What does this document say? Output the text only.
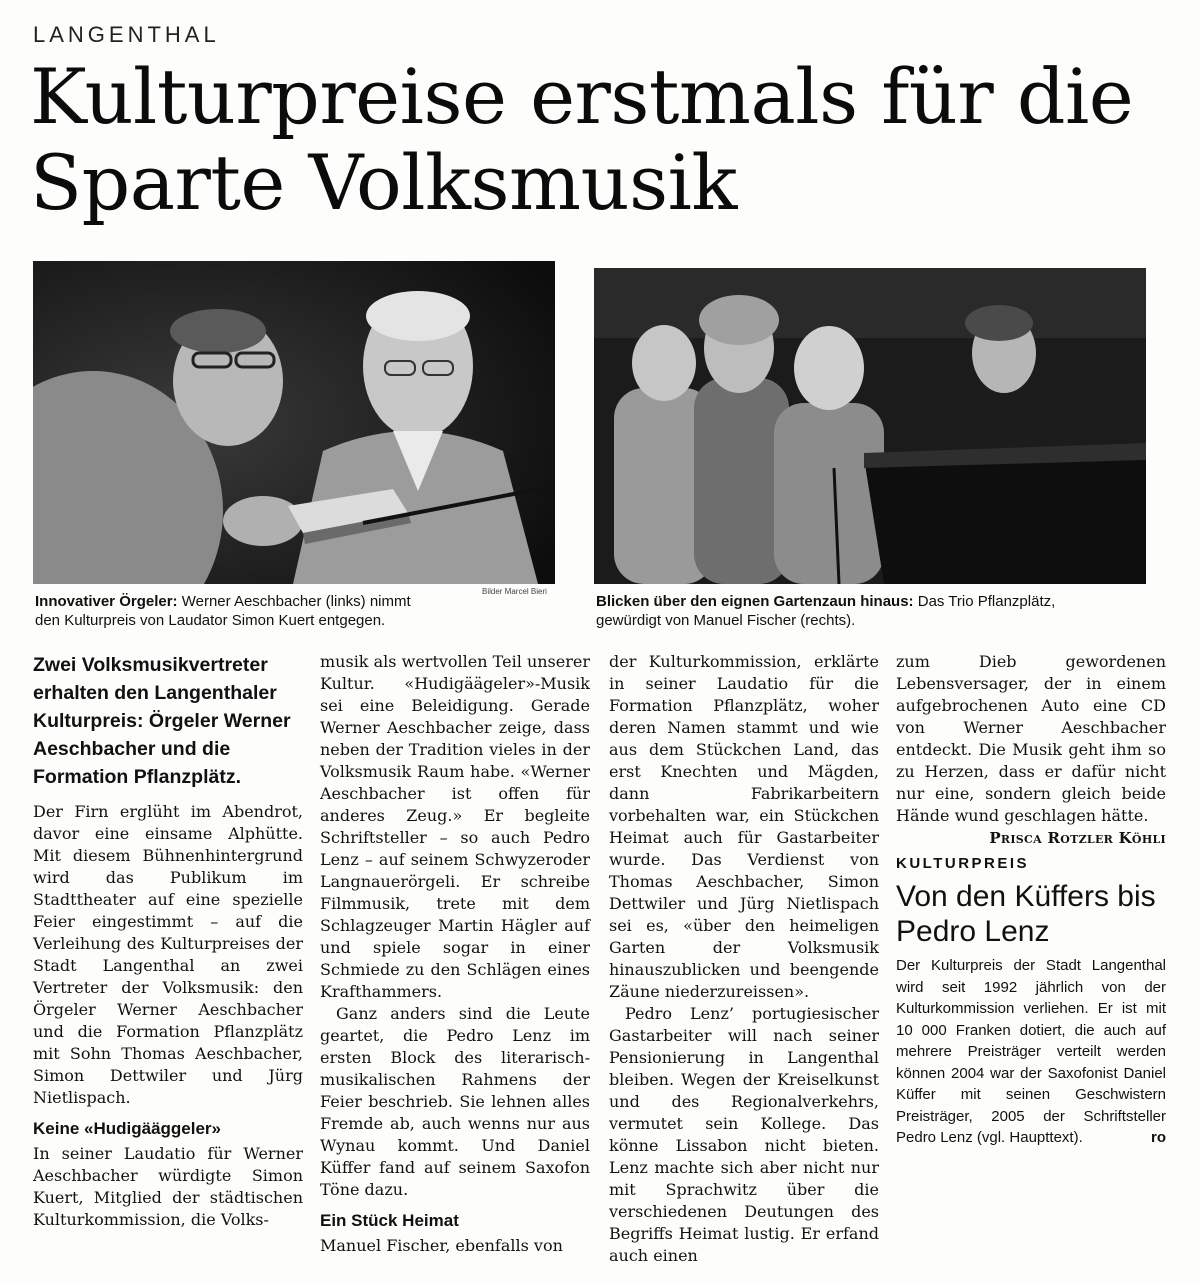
LANGENTHAL
Kulturpreise erstmals für die
Sparte Volksmusik
Bilder Marcel Bieri
Innovativer Örgeler: Werner Aeschbacher (links) nimmt
den Kulturpreis von Laudator Simon Kuert entgegen.
Blicken über den eignen Gartenzaun hinaus: Das Trio Pflanzplätz,
gewürdigt von Manuel Fischer (rechts).

Zwei Volksmusikvertreter erhalten den Langenthaler Kulturpreis: Örgeler Werner Aeschbacher und die Formation Pflanzplätz.

Der Firn erglüht im Abendrot, davor eine einsame Alphütte. Mit diesem Bühnenhintergrund wird das Publikum im Stadttheater auf eine spezielle Feier eingestimmt – auf die Verleihung des Kulturpreises der Stadt Langenthal an zwei Vertreter der Volksmusik: den Örgeler Werner Aeschbacher und die Formation Pflanzplätz mit Sohn Thomas Aeschbacher, Simon Dettwiler und Jürg Nietlispach.

Keine «Hudigääggeler»

In seiner Laudatio für Werner Aeschbacher würdigte Simon Kuert, Mitglied der städtischen Kulturkommission, die Volks-

musik als wertvollen Teil unserer Kultur. «Hudigäägeler»-Musik sei eine Beleidigung. Gerade Werner Aeschbacher zeige, dass neben der Tradition vieles in der Volksmusik Raum habe. «Werner Aeschbacher ist offen für anderes Zeug.» Er begleite Schriftsteller – so auch Pedro Lenz – auf seinem Schwyzeroder Langnauerörgeli. Er schreibe Filmmusik, trete mit dem Schlagzeuger Martin Hägler auf und spiele sogar in einer Schmiede zu den Schlägen eines Krafthammers.

Ganz anders sind die Leute geartet, die Pedro Lenz im ersten Block des literarisch-musikalischen Rahmens der Feier beschrieb. Sie lehnen alles Fremde ab, auch wenns nur aus Wynau kommt. Und Daniel Küffer fand auf seinem Saxofon Töne dazu.

Ein Stück Heimat

Manuel Fischer, ebenfalls von

der Kulturkommission, erklärte in seiner Laudatio für die Formation Pflanzplätz, woher deren Namen stammt und wie aus dem Stückchen Land, das erst Knechten und Mägden, dann Fabrikarbeitern vorbehalten war, ein Stückchen Heimat auch für Gastarbeiter wurde. Das Verdienst von Thomas Aeschbacher, Simon Dettwiler und Jürg Nietlispach sei es, «über den heimeligen Garten der Volksmusik hinauszublicken und beengende Zäune niederzureissen».

Pedro Lenz’ portugiesischer Gastarbeiter will nach seiner Pensionierung in Langenthal bleiben. Wegen der Kreiselkunst und des Regionalverkehrs, vermutet sein Kollege. Das könne Lissabon nicht bieten. Lenz machte sich aber nicht nur mit Sprachwitz über die verschiedenen Deutungen des Begriffs Heimat lustig. Er erfand auch einen

zum Dieb gewordenen Lebensversager, der in einem aufgebrochenen Auto eine CD von Werner Aeschbacher entdeckt. Die Musik geht ihm so zu Herzen, dass er dafür nicht nur eine, sondern gleich beide Hände wund geschlagen hätte.

Prisca Rotzler Köhli

KULTURPREIS

Von den Küffers bis Pedro Lenz

Der Kulturpreis der Stadt Langenthal wird seit 1992 jährlich von der Kulturkommission verliehen. Er ist mit 10 000 Franken dotiert, die auch auf mehrere Preisträger verteilt werden können 2004 war der Saxofonist Daniel Küffer mit seinen Geschwistern Preisträger, 2005 der Schriftsteller Pedro Lenz (vgl. Haupttext).	ro
